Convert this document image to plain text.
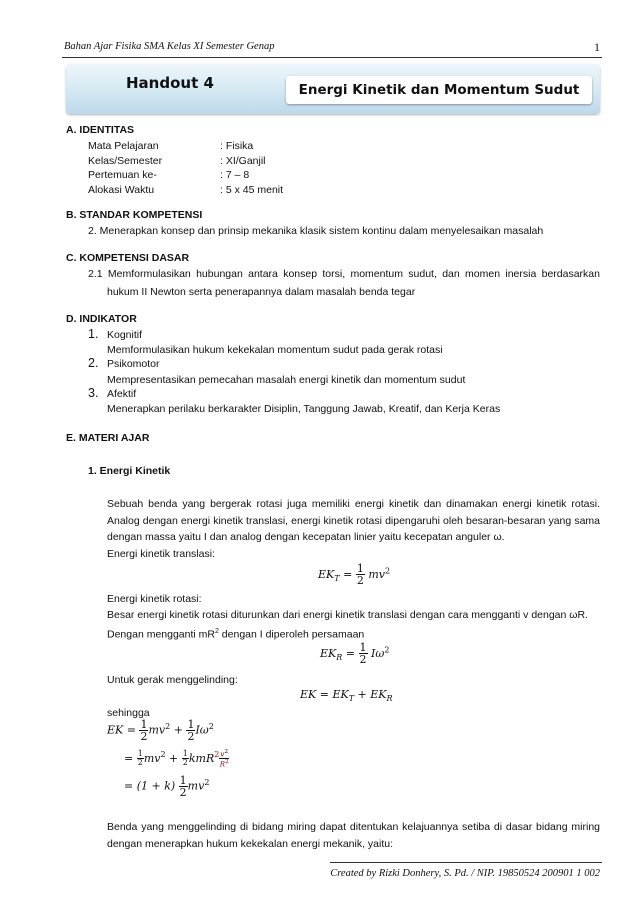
Bahan Ajar Fisika SMA Kelas XI Semester Genap	1
Handout 4	Energi Kinetik dan Momentum Sudut
A. IDENTITAS
Mata Pelajaran
Kelas/Semester
Pertemuan ke-
Alokasi Waktu
: Fisika
: XI/Ganjil
: 7 – 8
: 5 x 45 menit
B. STANDAR KOMPETENSI
2. Menerapkan konsep dan prinsip mekanika klasik sistem kontinu dalam menyelesaikan masalah
C. KOMPETENSI DASAR
2.1 Memformulasikan hubungan antara konsep torsi, momentum sudut, dan momen inersia berdasarkan
hukum II Newton serta penerapannya dalam masalah benda tegar
D. INDIKATOR
1. Kognitif
Memformulasikan hukum kekekalan momentum sudut pada gerak rotasi
2. Psikomotor
Mempresentasikan pemecahan masalah energi kinetik dan momentum sudut
3. Afektif
Menerapkan perilaku berkarakter Disiplin, Tanggung Jawab, Kreatif, dan Kerja Keras
E. MATERI AJAR
1. Energi Kinetik
Sebuah benda yang bergerak rotasi juga memiliki energi kinetik dan dinamakan energi kinetik rotasi. Analog dengan energi kinetik translasi, energi kinetik rotasi dipengaruhi oleh besaran-besaran yang sama dengan massa yaitu I dan analog dengan kecepatan linier yaitu kecepatan anguler ω.
Energi kinetik translasi:
$EK_T = \frac{1}{2} mv^2$
Energi kinetik rotasi:
Besar energi kinetik rotasi diturunkan dari energi kinetik translasi dengan cara mengganti v dengan ωR.
Dengan mengganti $mR^2$ dengan I diperoleh persamaan
$EK_R = \frac{1}{2} I\omega^2$
Untuk gerak menggelinding:
EK = $EK_T + EK_R$
sehingga
EK = $\frac{1}{2} mv^2 + \frac{1}{2} I\omega^2$
= $\frac{1}{2} mv^2 + \frac{1}{2} kmR^2 \frac{v^2}{R^2}$
= $(1 + k) \frac{1}{2} mv^2$
Benda yang menggelinding di bidang miring dapat ditentukan kelajuannya setiba di dasar bidang miring dengan menerapkan hukum kekekalan energi mekanik, yaitu:
Created by Rizki Donhery, S. Pd. / NIP. 19850524 200901 1 002
